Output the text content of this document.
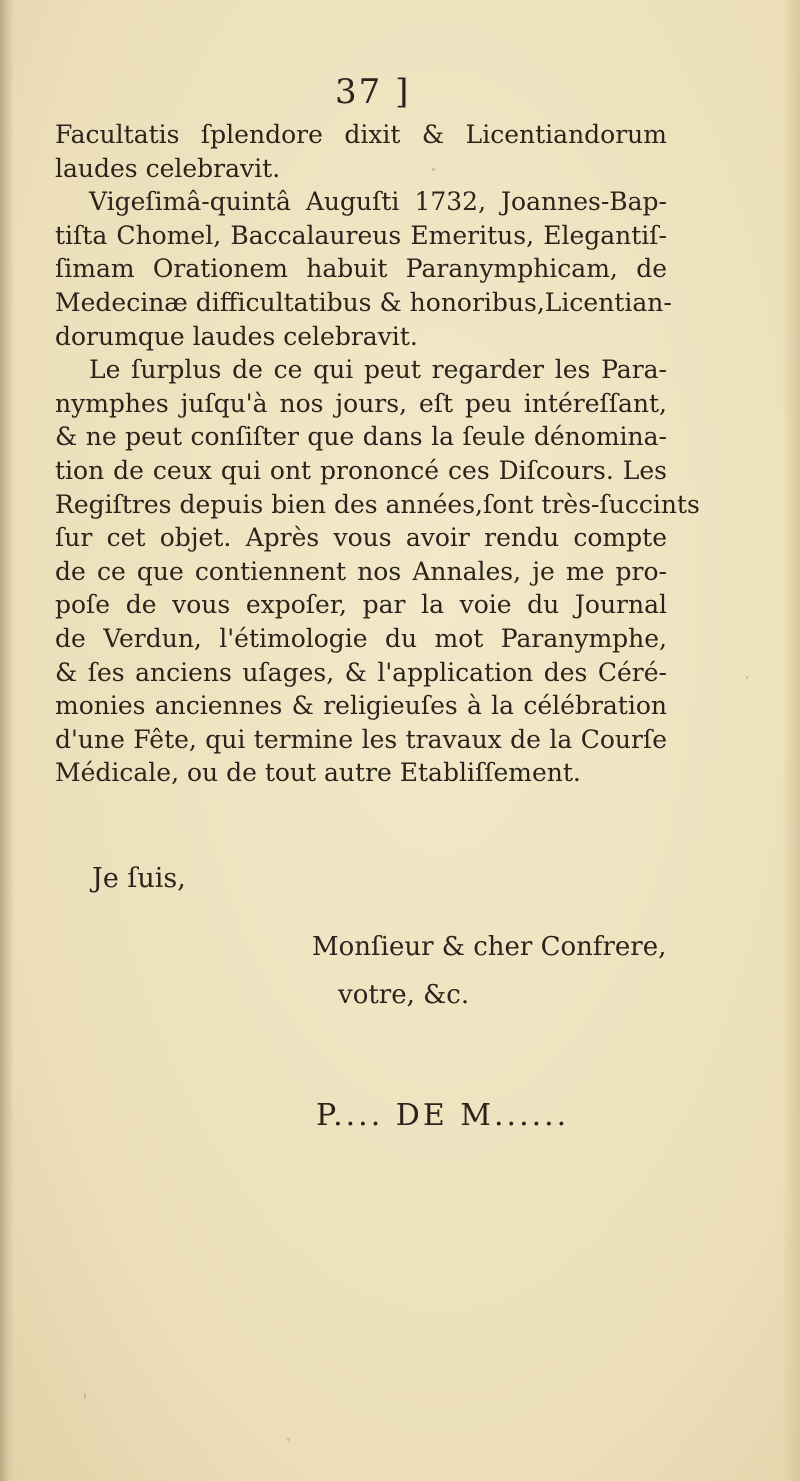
37 ]
Facultatis ſplendore dixit & Licentiandorum
laudes celebravit.
Vigeſimâ-quintâ Auguſti 1732, Joannes-Bap-
tiſta Chomel, Baccalaureus Emeritus, Elegantiſ-
ſimam Orationem habuit Paranymphicam, de
Medecinæ difficultatibus & honoribus,Licentian-
dorumque laudes celebravit.
Le ſurplus de ce qui peut regarder les Para-
nymphes juſqu'à nos jours, eſt peu intéreſſant,
& ne peut conſiſter que dans la ſeule dénomina-
tion de ceux qui ont prononcé ces Diſcours. Les
Regiſtres depuis bien des années,ſont très-ſuccints
ſur cet objet. Après vous avoir rendu compte
de ce que contiennent nos Annales, je me pro-
poſe de vous expoſer, par la voie du Journal
de Verdun, l'étimologie du mot Paranymphe,
& ſes anciens uſages, & l'application des Céré-
monies anciennes & religieuſes à la célébration
d'une Fête, qui termine les travaux de la Courſe
Médicale, ou de tout autre Etabliſſement.
Je ſuis,
Monſieur & cher Confrere,
votre, &c.
P.... DE M......
